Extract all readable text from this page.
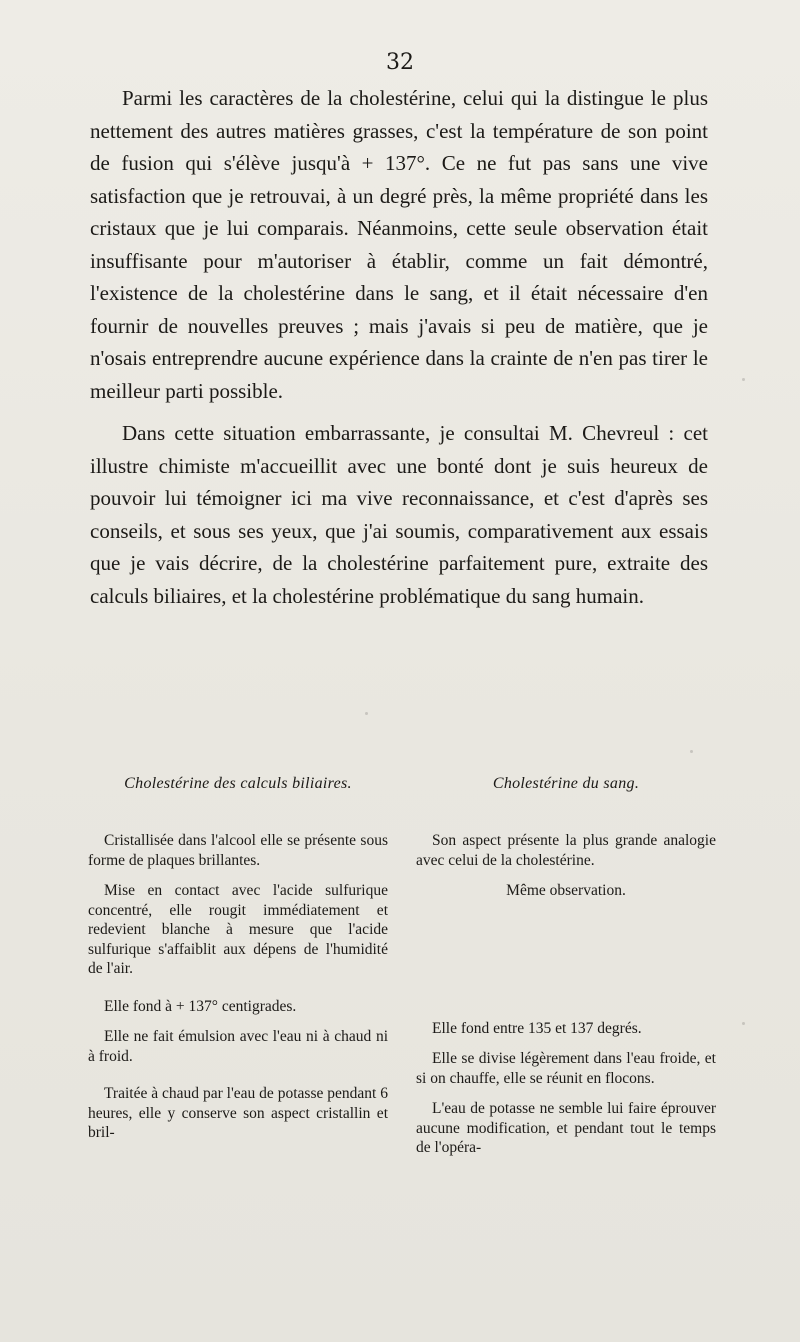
32

Parmi les caractères de la cholestérine, celui qui la distingue le plus nettement des autres matières grasses, c'est la température de son point de fusion qui s'élève jusqu'à + 137°. Ce ne fut pas sans une vive satisfaction que je retrouvai, à un degré près, la même propriété dans les cristaux que je lui comparais. Néanmoins, cette seule observation était insuffisante pour m'autoriser à établir, comme un fait démontré, l'existence de la cholestérine dans le sang, et il était nécessaire d'en fournir de nouvelles preuves ; mais j'avais si peu de matière, que je n'osais entreprendre aucune expérience dans la crainte de n'en pas tirer le meilleur parti possible.

Dans cette situation embarrassante, je consultai M. Chevreul : cet illustre chimiste m'accueillit avec une bonté dont je suis heureux de pouvoir lui témoigner ici ma vive reconnaissance, et c'est d'après ses conseils, et sous ses yeux, que j'ai soumis, comparativement aux essais que je vais décrire, de la cholestérine parfaitement pure, extraite des calculs biliaires, et la cholestérine problématique du sang humain.

Cholestérine des calculs biliaires.

Cristallisée dans l'alcool elle se présente sous forme de plaques brillantes.

Mise en contact avec l'acide sulfurique concentré, elle rougit immédiatement et redevient blanche à mesure que l'acide sulfurique s'affaiblit aux dépens de l'humidité de l'air.

Elle fond à + 137° centigrades.

Elle ne fait émulsion avec l'eau ni à chaud ni à froid.

Traitée à chaud par l'eau de potasse pendant 6 heures, elle y conserve son aspect cristallin et bril-

Cholestérine du sang.

Son aspect présente la plus grande analogie avec celui de la cholestérine.

Même observation.

Elle fond entre 135 et 137 degrés.

Elle se divise légèrement dans l'eau froide, et si on chauffe, elle se réunit en flocons.

L'eau de potasse ne semble lui faire éprouver aucune modification, et pendant tout le temps de l'opéra-
